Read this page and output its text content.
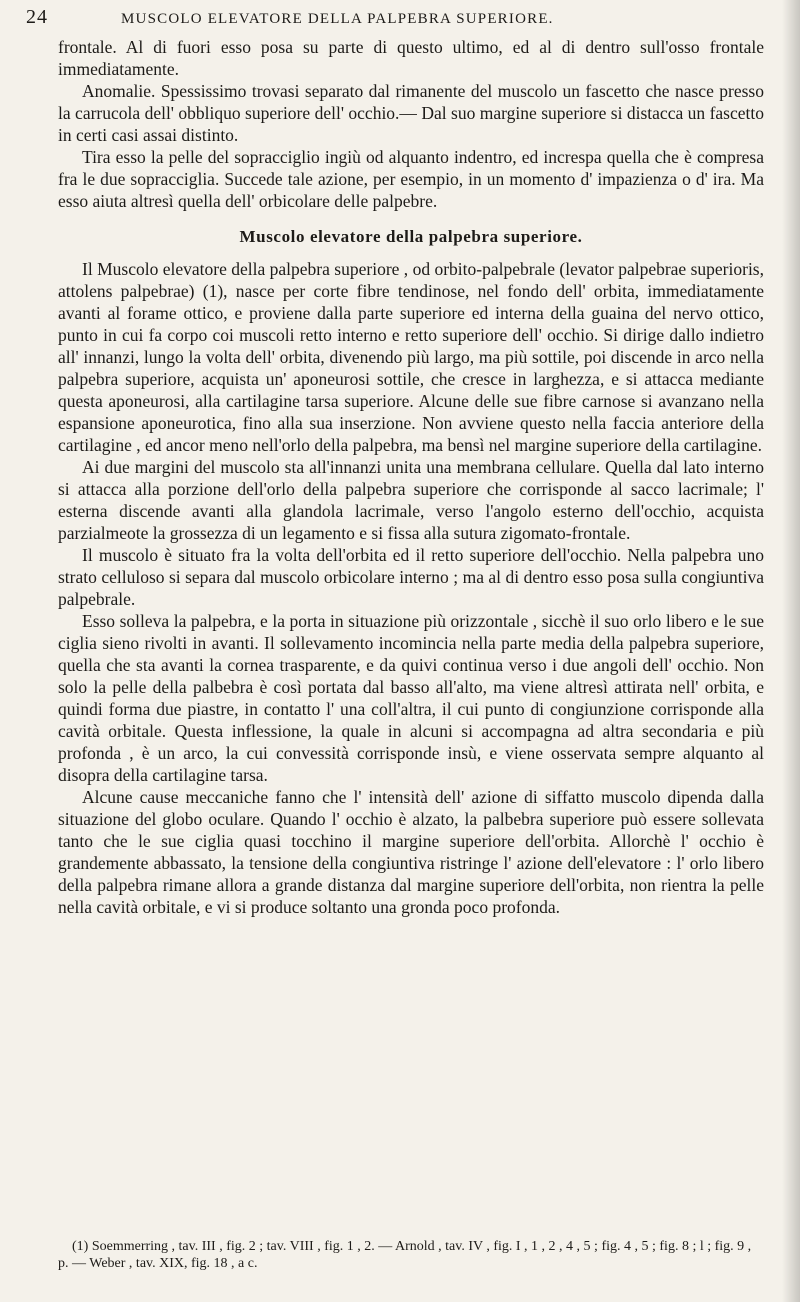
24	MUSCOLO ELEVATORE DELLA PALPEBRA SUPERIORE.

frontale. Al di fuori esso posa su parte di questo ultimo, ed al di dentro sull'osso frontale immediatamente.

Anomalie. Spessissimo trovasi separato dal rimanente del muscolo un fascetto che nasce presso la carrucola dell' obbliquo superiore dell' occhio.— Dal suo margine superiore si distacca un fascetto in certi casi assai distinto.

Tira esso la pelle del sopracciglio ingiù od alquanto indentro, ed increspa quella che è compresa fra le due sopracciglia. Succede tale azione, per esempio, in un momento d' impazienza o d' ira. Ma esso aiuta altresì quella dell' orbicolare delle palpebre.

Muscolo elevatore della palpebra superiore.

Il Muscolo elevatore della palpebra superiore , od orbito-palpebrale (levator palpebrae superioris, attolens palpebrae) (1), nasce per corte fibre tendinose, nel fondo dell' orbita, immediatamente avanti al forame ottico, e proviene dalla parte superiore ed interna della guaina del nervo ottico, punto in cui fa corpo coi muscoli retto interno e retto superiore dell' occhio. Si dirige dallo indietro all' innanzi, lungo la volta dell' orbita, divenendo più largo, ma più sottile, poi discende in arco nella palpebra superiore, acquista un' aponeurosi sottile, che cresce in larghezza, e si attacca mediante questa aponeurosi, alla cartilagine tarsa superiore. Alcune delle sue fibre carnose si avanzano nella espansione aponeurotica, fino alla sua inserzione. Non avviene questo nella faccia anteriore della cartilagine , ed ancor meno nell'orlo della palpebra, ma bensì nel margine superiore della cartilagine.

Ai due margini del muscolo sta all'innanzi unita una membrana cellulare. Quella dal lato interno si attacca alla porzione dell'orlo della palpebra superiore che corrisponde al sacco lacrimale; l' esterna discende avanti alla glandola lacrimale, verso l'angolo esterno dell'occhio, acquista parzialmeote la grossezza di un legamento e si fissa alla sutura zigomato-frontale.

Il muscolo è situato fra la volta dell'orbita ed il retto superiore dell'occhio. Nella palpebra uno strato celluloso si separa dal muscolo orbicolare interno ; ma al di dentro esso posa sulla congiuntiva palpebrale.

Esso solleva la palpebra, e la porta in situazione più orizzontale , sicchè il suo orlo libero e le sue ciglia sieno rivolti in avanti. Il sollevamento incomincia nella parte media della palpebra superiore, quella che sta avanti la cornea trasparente, e da quivi continua verso i due angoli dell' occhio. Non solo la pelle della palbebra è così portata dal basso all'alto, ma viene altresì attirata nell' orbita, e quindi forma due piastre, in contatto l' una coll'altra, il cui punto di congiunzione corrisponde alla cavità orbitale. Questa inflessione, la quale in alcuni si accompagna ad altra secondaria e più profonda , è un arco, la cui convessità corrisponde insù, e viene osservata sempre alquanto al disopra della cartilagine tarsa.

Alcune cause meccaniche fanno che l' intensità dell' azione di siffatto muscolo dipenda dalla situazione del globo oculare. Quando l' occhio è alzato, la palbebra superiore può essere sollevata tanto che le sue ciglia quasi tocchino il margine superiore dell'orbita. Allorchè l' occhio è grandemente abbassato, la tensione della congiuntiva ristringe l' azione dell'elevatore : l' orlo libero della palpebra rimane allora a grande distanza dal margine superiore dell'orbita, non rientra la pelle nella cavità orbitale, e vi si produce soltanto una gronda poco profonda.

(1) Soemmerring , tav. III , fig. 2 ; tav. VIII , fig. 1 , 2. — Arnold , tav. IV , fig. I , 1 , 2 , 4 , 5 ; fig. 4 , 5 ; fig. 8 ; l ; fig. 9 , p. — Weber , tav. XIX, fig. 18 , a c.
